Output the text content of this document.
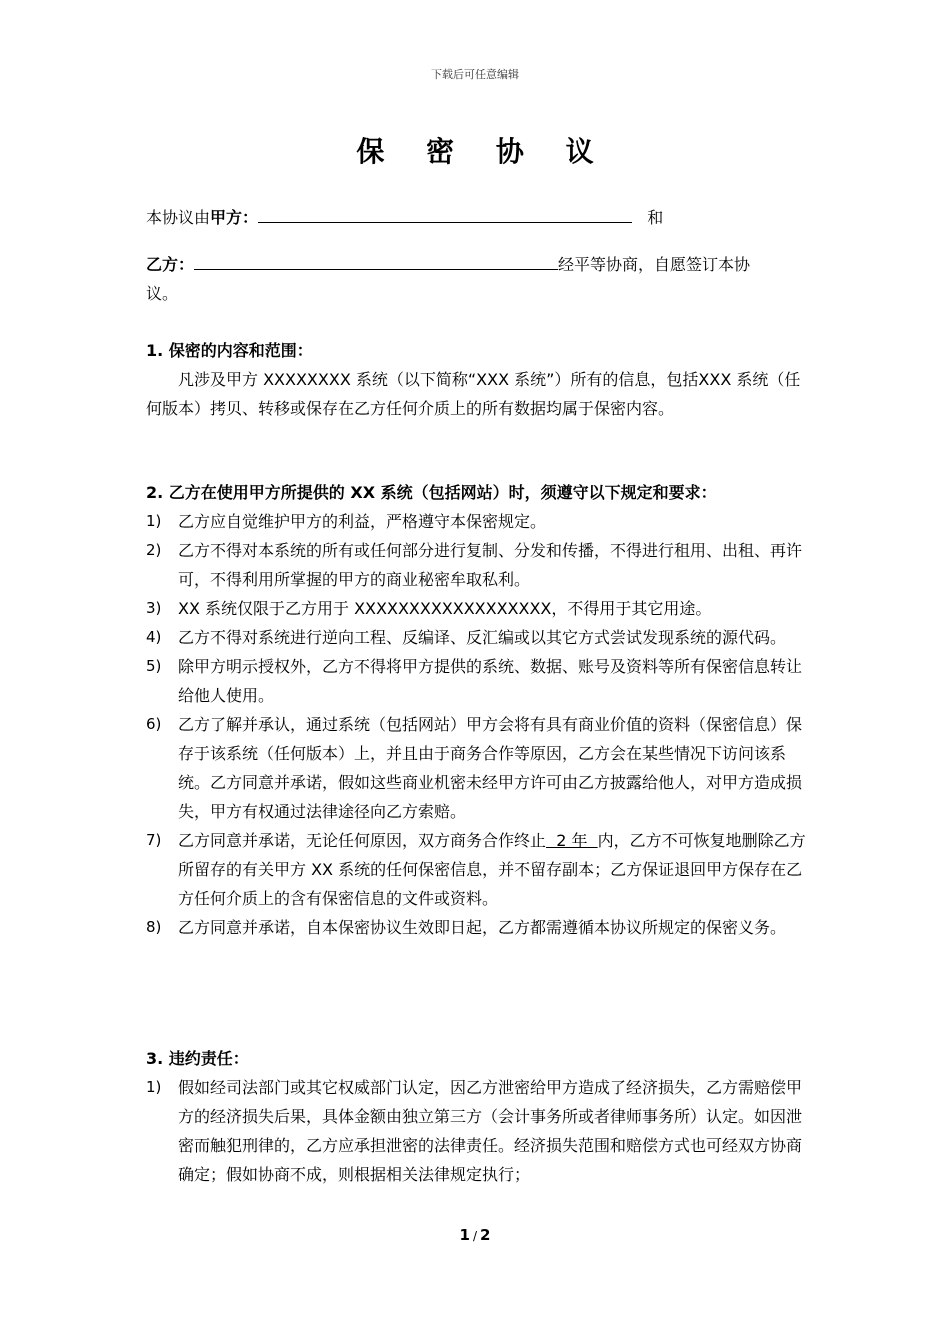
下载后可任意编辑
保 密 协 议
本协议由甲方：	和
乙方：	经平等协商，自愿签订本协
议。
1. 保密的内容和范围：
凡涉及甲方 XXXXXXXX 系统（以下简称“XXX 系统”）所有的信息，包括XXX 系统（任何版本）拷贝、转移或保存在乙方任何介质上的所有数据均属于保密内容。
2. 乙方在使用甲方所提供的 XX 系统（包括网站）时，须遵守以下规定和要求：
1) 乙方应自觉维护甲方的利益，严格遵守本保密规定。
2) 乙方不得对本系统的所有或任何部分进行复制、分发和传播，不得进行租用、出租、再许可，不得利用所掌握的甲方的商业秘密牟取私利。
3) XX 系统仅限于乙方用于 XXXXXXXXXXXXXXXXXX，不得用于其它用途。
4) 乙方不得对系统进行逆向工程、反编译、反汇编或以其它方式尝试发现系统的源代码。
5) 除甲方明示授权外，乙方不得将甲方提供的系统、数据、账号及资料等所有保密信息转让给他人使用。
6) 乙方了解并承认，通过系统（包括网站）甲方会将有具有商业价值的资料（保密信息）保存于该系统（任何版本）上，并且由于商务合作等原因，乙方会在某些情况下访问该系统。乙方同意并承诺，假如这些商业机密未经甲方许可由乙方披露给他人，对甲方造成损失，甲方有权通过法律途径向乙方索赔。
7) 乙方同意并承诺，无论任何原因，双方商务合作终止  2 年  内，乙方不可恢复地删除乙方所留存的有关甲方 XX 系统的任何保密信息，并不留存副本；乙方保证退回甲方保存在乙方任何介质上的含有保密信息的文件或资料。
8) 乙方同意并承诺，自本保密协议生效即日起，乙方都需遵循本协议所规定的保密义务。
3. 违约责任：
1) 假如经司法部门或其它权威部门认定，因乙方泄密给甲方造成了经济损失，乙方需赔偿甲方的经济损失后果，具体金额由独立第三方（会计事务所或者律师事务所）认定。如因泄密而触犯刑律的，乙方应承担泄密的法律责任。经济损失范围和赔偿方式也可经双方协商确定；假如协商不成，则根据相关法律规定执行；
1 / 2
